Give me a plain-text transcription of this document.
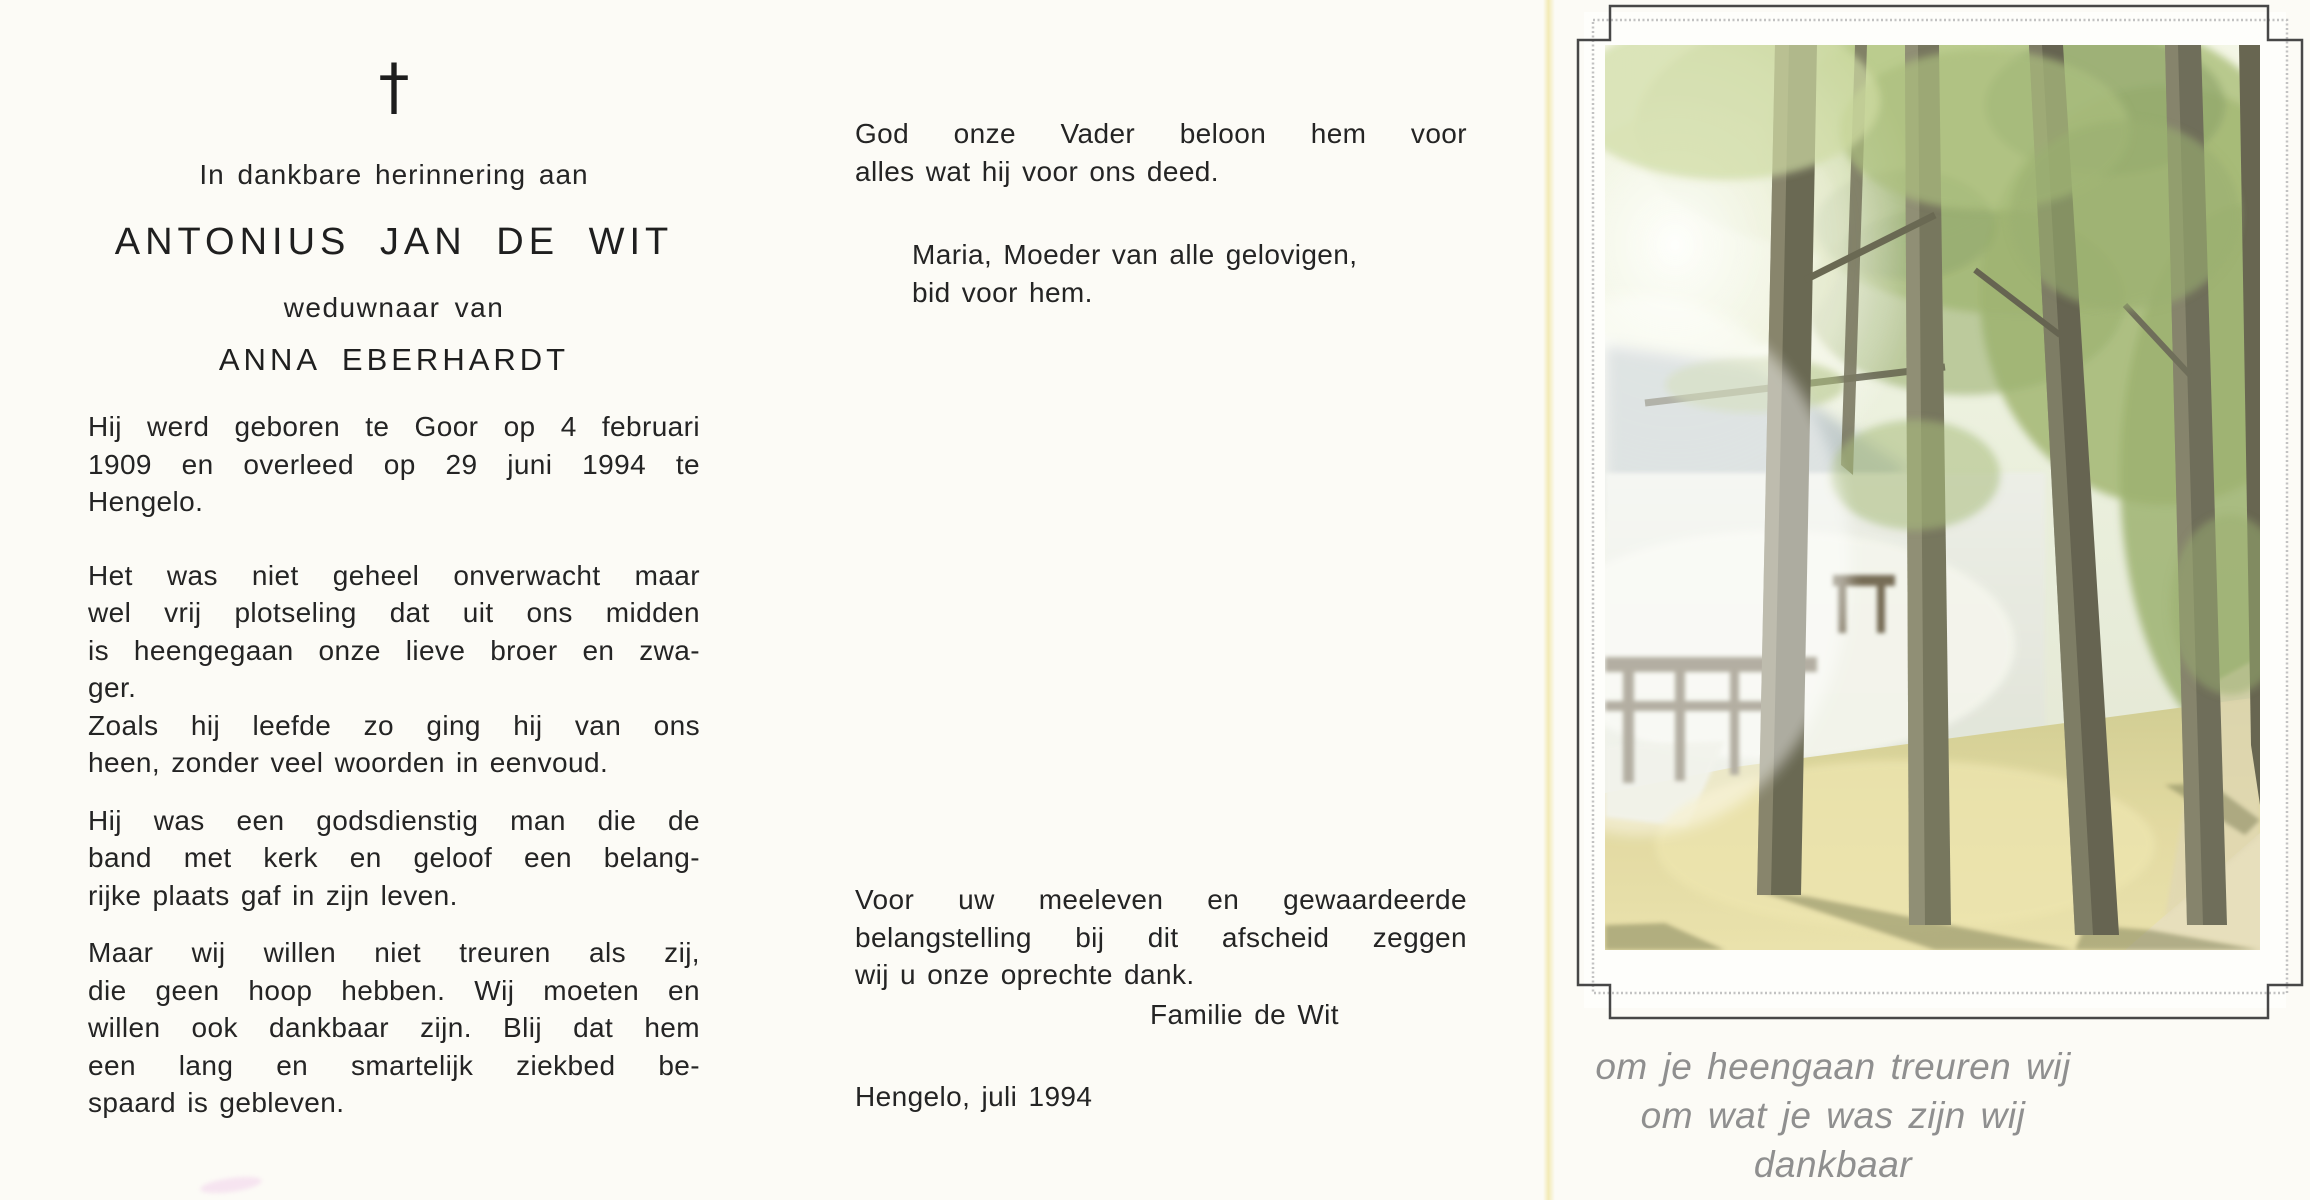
†
In dankbare herinnering aan
ANTONIUS JAN DE WIT
weduwnaar van
ANNA EBERHARDT
Hij werd geboren te Goor op 4 februari
1909 en overleed op 29 juni 1994 te
Hengelo.
Het was niet geheel onverwacht maar
wel vrij plotseling dat uit ons midden
is heengegaan onze lieve broer en zwa-
ger.
Zoals hij leefde zo ging hij van ons
heen, zonder veel woorden in eenvoud.
Hij was een godsdienstig man die de
band met kerk en geloof een belang-
rijke plaats gaf in zijn leven.
Maar wij willen niet treuren als zij,
die geen hoop hebben. Wij moeten en
willen ook dankbaar zijn. Blij dat hem
een lang en smartelijk ziekbed be-
spaard is gebleven.
God onze Vader beloon hem voor
alles wat hij voor ons deed.
Maria, Moeder van alle gelovigen,
bid voor hem.
Voor uw meeleven en gewaardeerde
belangstelling bij dit afscheid zeggen
wij u onze oprechte dank.
Familie de Wit
Hengelo, juli 1994
om je heengaan treuren wij
om wat je was zijn wij dankbaar
